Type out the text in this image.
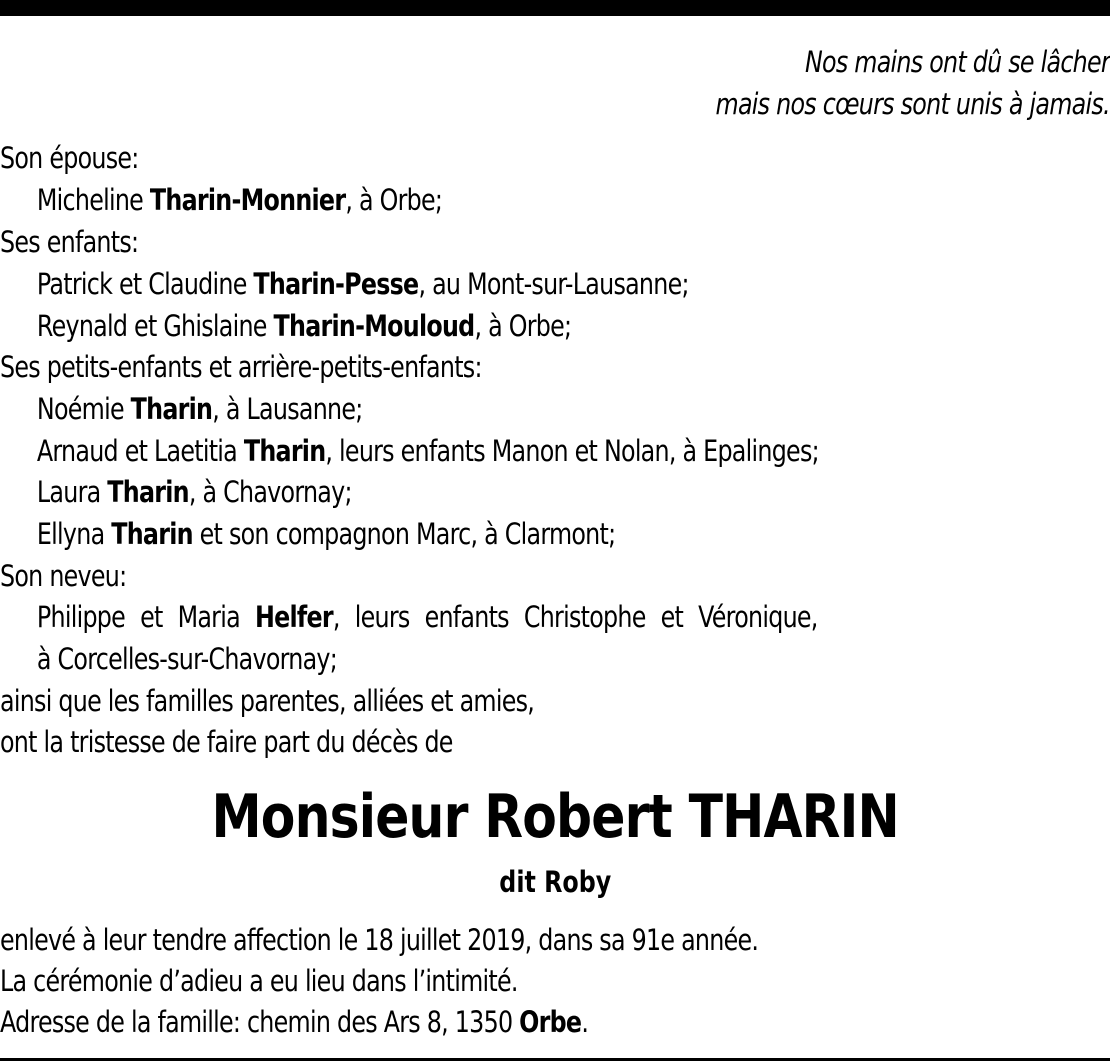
Nos mains ont dû se lâcher
mais nos cœurs sont unis à jamais.
Son épouse:
Micheline Tharin-Monnier, à Orbe;
Ses enfants:
Patrick et Claudine Tharin-Pesse, au Mont-sur-Lausanne;
Reynald et Ghislaine Tharin-Mouloud, à Orbe;
Ses petits-enfants et arrière-petits-enfants:
Noémie Tharin, à Lausanne;
Arnaud et Laetitia Tharin, leurs enfants Manon et Nolan, à Epalinges;
Laura Tharin, à Chavornay;
Ellyna Tharin et son compagnon Marc, à Clarmont;
Son neveu:
Philippe et Maria Helfer, leurs enfants Christophe et Véronique,
à Corcelles-sur-Chavornay;
ainsi que les familles parentes, alliées et amies,
ont la tristesse de faire part du décès de
enlevé à leur tendre affection le 18 juillet 2019, dans sa 91e année.
La cérémonie d’adieu a eu lieu dans l’intimité.
Adresse de la famille: chemin des Ars 8, 1350 Orbe.
Monsieur Robert THARIN
dit Roby
